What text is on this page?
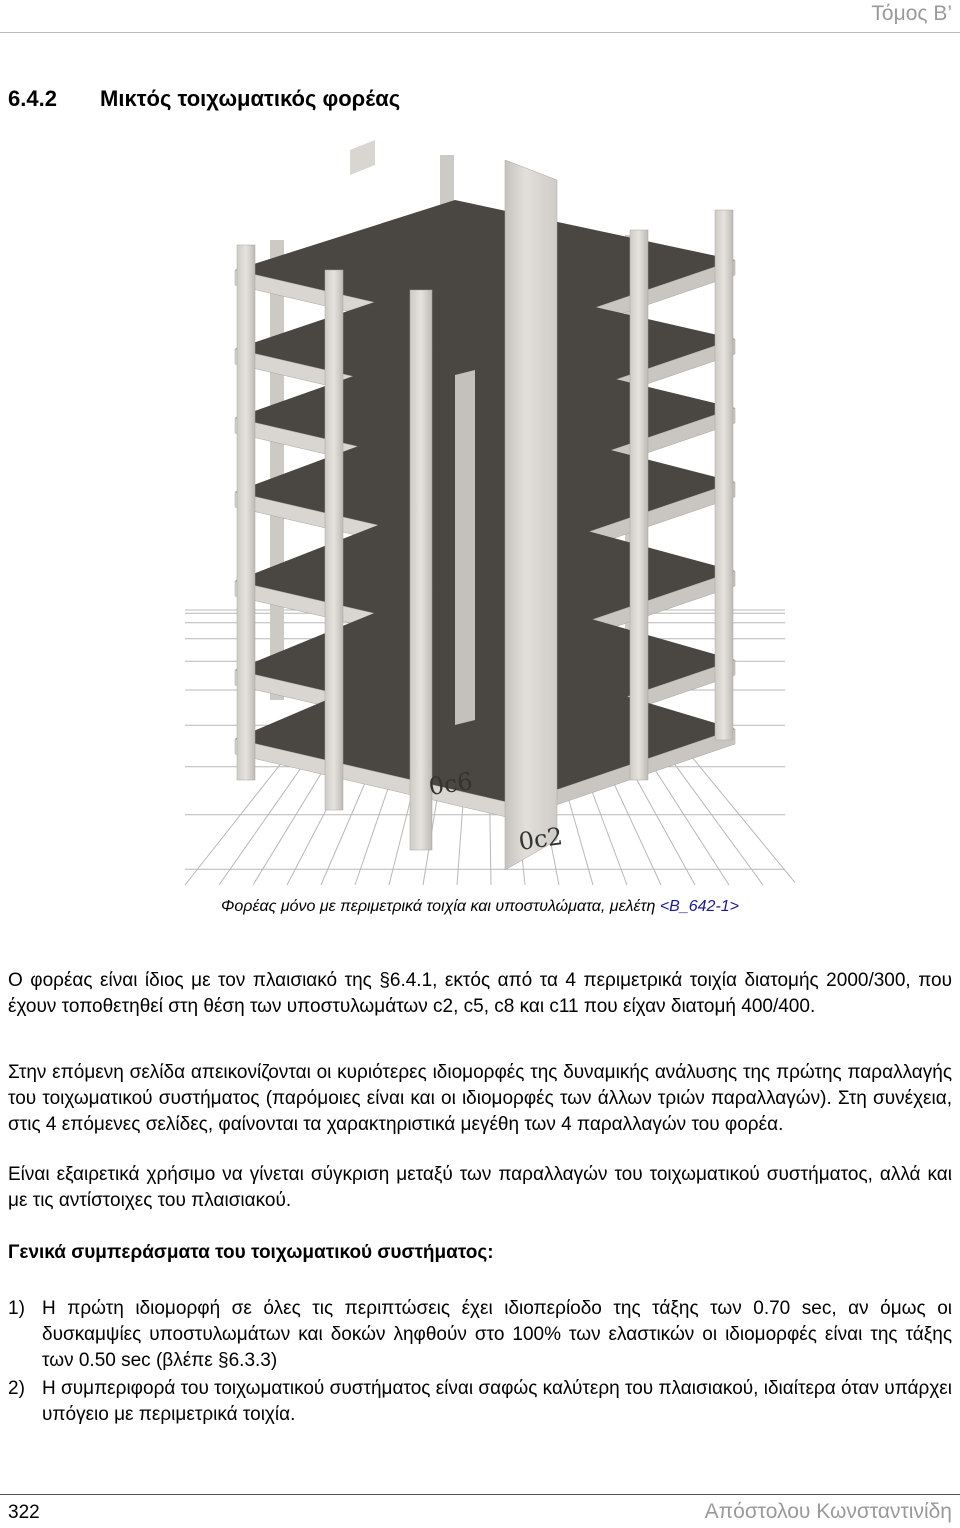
Τόμος Β’
6.4.2 Μικτός τοιχωματικός φορέας
0c6
0c2
Φορέας μόνο με περιμετρικά τοιχία και υποστυλώματα, μελέτη <B_642-1>
Ο φορέας είναι ίδιος με τον πλαισιακό της §6.4.1, εκτός από τα 4 περιμετρικά τοιχία διατομής 2000/300, που έχουν τοποθετηθεί στη θέση των υποστυλωμάτων c2, c5, c8 και c11 που είχαν διατομή 400/400.
Στην επόμενη σελίδα απεικονίζονται οι κυριότερες ιδιομορφές της δυναμικής ανάλυσης της πρώτης παραλλαγής του τοιχωματικού συστήματος (παρόμοιες είναι και οι ιδιομορφές των άλλων τριών παραλλαγών). Στη συνέχεια, στις 4 επόμενες σελίδες, φαίνονται τα χαρακτηριστικά μεγέθη των 4 παραλλαγών του φορέα.
Είναι εξαιρετικά χρήσιμο να γίνεται σύγκριση μεταξύ των παραλλαγών του τοιχωματικού συστήματος, αλλά και με τις αντίστοιχες του πλαισιακού.
Γενικά συμπεράσματα του τοιχωματικού συστήματος:
1) Η πρώτη ιδιομορφή σε όλες τις περιπτώσεις έχει ιδιοπερίοδο της τάξης των 0.70 sec, αν όμως οι δυσκαμψίες υποστυλωμάτων και δοκών ληφθούν στο 100% των ελαστικών οι ιδιομορφές είναι της τάξης των 0.50 sec (βλέπε §6.3.3)
2) Η συμπεριφορά του τοιχωματικού συστήματος είναι σαφώς καλύτερη του πλαισιακού, ιδιαίτερα όταν υπάρχει υπόγειο με περιμετρικά τοιχία.
322	Απόστολου Κωνσταντινίδη
